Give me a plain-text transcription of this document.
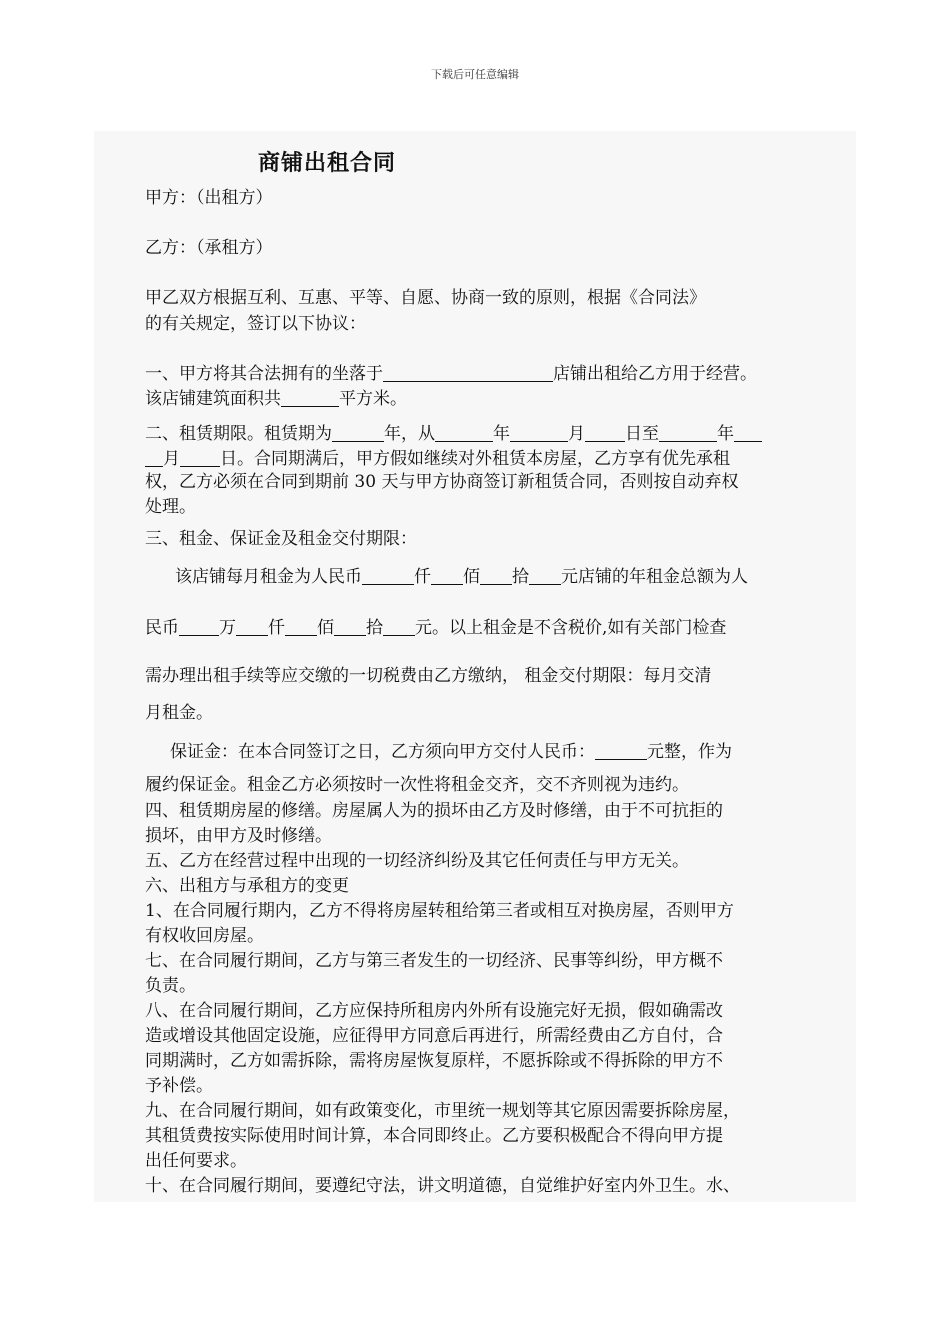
下载后可任意编辑
商铺出租合同
甲方：（出租方）
乙方：（承租方）
甲乙双方根据互利、互惠、平等、自愿、协商一致的原则，根据《合同法》
的有关规定，签订以下协议：
一、甲方将其合法拥有的坐落于	店铺出租给乙方用于经营。
该店铺建筑面积共	平方米。
二、租赁期限。租赁期为	年，从	年	月 日至	年
月 日。合同期满后，甲方假如继续对外租赁本房屋，乙方享有优先承租
权，乙方必须在合同到期前 30 天与甲方协商签订新租赁合同，否则按自动弃权
处理。
三、租金、保证金及租金交付期限：
该店铺每月租金为人民币	仟 佰 拾 元店铺的年租金总额为人
民币 万 仟 佰 拾 元。以上租金是不含税价,如有关部门检查
需办理出租手续等应交缴的一切税费由乙方缴纳， 租金交付期限：每月交清
月租金。
保证金：在本合同签订之日，乙方须向甲方交付人民币：	元整，作为
履约保证金。租金乙方必须按时一次性将租金交齐，交不齐则视为违约。
四、租赁期房屋的修缮。房屋属人为的损坏由乙方及时修缮，由于不可抗拒的
损坏，由甲方及时修缮。
五、乙方在经营过程中出现的一切经济纠纷及其它任何责任与甲方无关。
六、出租方与承租方的变更
1、在合同履行期内，乙方不得将房屋转租给第三者或相互对换房屋，否则甲方
有权收回房屋。
七、在合同履行期间，乙方与第三者发生的一切经济、民事等纠纷，甲方概不
负责。
八、在合同履行期间，乙方应保持所租房内外所有设施完好无损，假如确需改
造或增设其他固定设施，应征得甲方同意后再进行，所需经费由乙方自付，合
同期满时，乙方如需拆除，需将房屋恢复原样，不愿拆除或不得拆除的甲方不
予补偿。
九、在合同履行期间，如有政策变化，市里统一规划等其它原因需要拆除房屋，
其租赁费按实际使用时间计算，本合同即终止。乙方要积极配合不得向甲方提
出任何要求。
十、在合同履行期间，要遵纪守法，讲文明道德，自觉维护好室内外卫生。水、
